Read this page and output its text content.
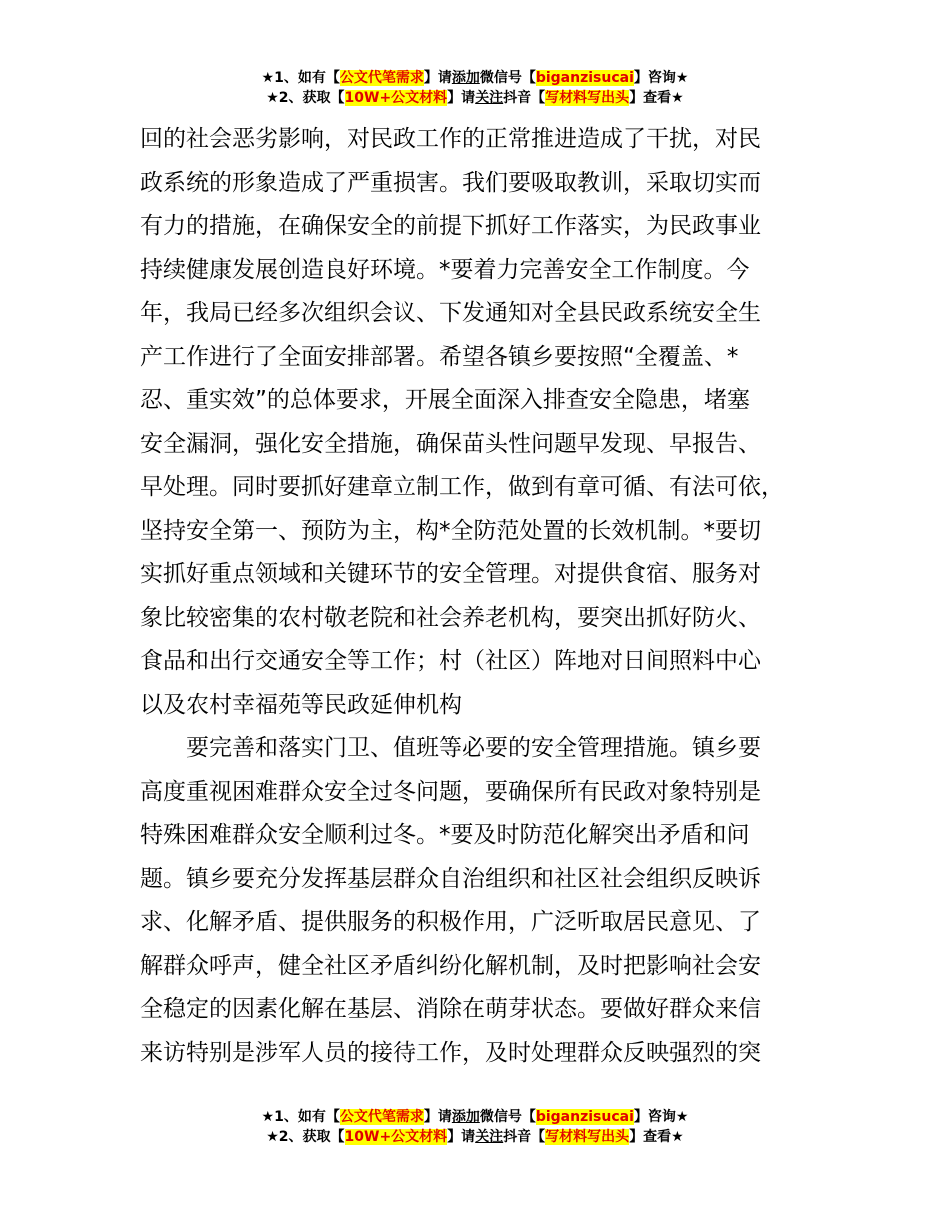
★1、如有【公文代笔需求】请添加微信号【biganzisucai】咨询★
★2、获取【10W+公文材料】请关注抖音【写材料写出头】查看★

回的社会恶劣影响，对民政工作的正常推进造成了干扰，对民
政系统的形象造成了严重损害。我们要吸取教训，采取切实而
有力的措施，在确保安全的前提下抓好工作落实，为民政事业
持续健康发展创造良好环境。*要着力完善安全工作制度。今
年，我局已经多次组织会议、下发通知对全县民政系统安全生
产工作进行了全面安排部署。希望各镇乡要按照“全覆盖、*
忍、重实效”的总体要求，开展全面深入排查安全隐患，堵塞
安全漏洞，强化安全措施，确保苗头性问题早发现、早报告、
早处理。同时要抓好建章立制工作，做到有章可循、有法可依，
坚持安全第一、预防为主，构*全防范处置的长效机制。*要切
实抓好重点领域和关键环节的安全管理。对提供食宿、服务对
象比较密集的农村敬老院和社会养老机构，要突出抓好防火、
食品和出行交通安全等工作；村（社区）阵地对日间照料中心
以及农村幸福苑等民政延伸机构

要完善和落实门卫、值班等必要的安全管理措施。镇乡要
高度重视困难群众安全过冬问题，要确保所有民政对象特别是
特殊困难群众安全顺利过冬。*要及时防范化解突出矛盾和问
题。镇乡要充分发挥基层群众自治组织和社区社会组织反映诉
求、化解矛盾、提供服务的积极作用，广泛听取居民意见、了
解群众呼声，健全社区矛盾纠纷化解机制，及时把影响社会安
全稳定的因素化解在基层、消除在萌芽状态。要做好群众来信
来访特别是涉军人员的接待工作，及时处理群众反映强烈的突

★1、如有【公文代笔需求】请添加微信号【biganzisucai】咨询★
★2、获取【10W+公文材料】请关注抖音【写材料写出头】查看★
